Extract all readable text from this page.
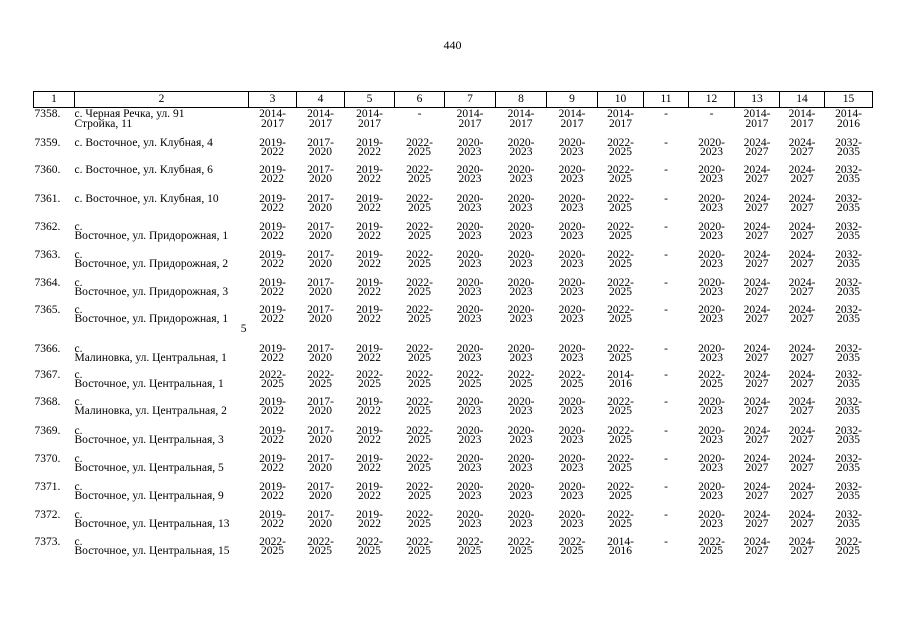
440
1	2	3	4	5	6	7	8	9	10	11	12	13	14	15

7358.	с. Черная Речка, ул. 91
Стройка, 11	2014-
2017	2014-
2017	2014-
2017	-	2014-
2017	2014-
2017	2014-
2017	2014-
2017	-	-	2014-
2017	2014-
2017	2014-
2016

7359.	с. Восточное, ул. Клубная, 4	2019-
2022	2017-
2020	2019-
2022	2022-
2025	2020-
2023	2020-
2023	2020-
2023	2022-
2025	-	2020-
2023	2024-
2027	2024-
2027	2032-
2035

7360.	с. Восточное, ул. Клубная, 6	2019-
2022	2017-
2020	2019-
2022	2022-
2025	2020-
2023	2020-
2023	2020-
2023	2022-
2025	-	2020-
2023	2024-
2027	2024-
2027	2032-
2035

7361.	с. Восточное, ул. Клубная, 10	2019-
2022	2017-
2020	2019-
2022	2022-
2025	2020-
2023	2020-
2023	2020-
2023	2022-
2025	-	2020-
2023	2024-
2027	2024-
2027	2032-
2035

7362.	с.
Восточное, ул. Придорожная, 1	2019-
2022	2017-
2020	2019-
2022	2022-
2025	2020-
2023	2020-
2023	2020-
2023	2022-
2025	-	2020-
2023	2024-
2027	2024-
2027	2032-
2035

7363.	с.
Восточное, ул. Придорожная, 2	2019-
2022	2017-
2020	2019-
2022	2022-
2025	2020-
2023	2020-
2023	2020-
2023	2022-
2025	-	2020-
2023	2024-
2027	2024-
2027	2032-
2035

7364.	с.
Восточное, ул. Придорожная, 3	2019-
2022	2017-
2020	2019-
2022	2022-
2025	2020-
2023	2020-
2023	2020-
2023	2022-
2025	-	2020-
2023	2024-
2027	2024-
2027	2032-
2035

7365.	с.
Восточное, ул. Придорожная, 1
5	2019-
2022	2017-
2020	2019-
2022	2022-
2025	2020-
2023	2020-
2023	2020-
2023	2022-
2025	-	2020-
2023	2024-
2027	2024-
2027	2032-
2035

7366.	с.
Малиновка, ул. Центральная, 1	2019-
2022	2017-
2020	2019-
2022	2022-
2025	2020-
2023	2020-
2023	2020-
2023	2022-
2025	-	2020-
2023	2024-
2027	2024-
2027	2032-
2035

7367.	с.
Восточное, ул. Центральная, 1	2022-
2025	2022-
2025	2022-
2025	2022-
2025	2022-
2025	2022-
2025	2022-
2025	2014-
2016	-	2022-
2025	2024-
2027	2024-
2027	2032-
2035

7368.	с.
Малиновка, ул. Центральная, 2	2019-
2022	2017-
2020	2019-
2022	2022-
2025	2020-
2023	2020-
2023	2020-
2023	2022-
2025	-	2020-
2023	2024-
2027	2024-
2027	2032-
2035

7369.	с.
Восточное, ул. Центральная, 3	2019-
2022	2017-
2020	2019-
2022	2022-
2025	2020-
2023	2020-
2023	2020-
2023	2022-
2025	-	2020-
2023	2024-
2027	2024-
2027	2032-
2035

7370.	с.
Восточное, ул. Центральная, 5	2019-
2022	2017-
2020	2019-
2022	2022-
2025	2020-
2023	2020-
2023	2020-
2023	2022-
2025	-	2020-
2023	2024-
2027	2024-
2027	2032-
2035

7371.	с.
Восточное, ул. Центральная, 9	2019-
2022	2017-
2020	2019-
2022	2022-
2025	2020-
2023	2020-
2023	2020-
2023	2022-
2025	-	2020-
2023	2024-
2027	2024-
2027	2032-
2035

7372.	с.
Восточное, ул. Центральная, 13	2019-
2022	2017-
2020	2019-
2022	2022-
2025	2020-
2023	2020-
2023	2020-
2023	2022-
2025	-	2020-
2023	2024-
2027	2024-
2027	2032-
2035

7373.	с.
Восточное, ул. Центральная, 15	2022-
2025	2022-
2025	2022-
2025	2022-
2025	2022-
2025	2022-
2025	2022-
2025	2014-
2016	-	2022-
2025	2024-
2027	2024-
2027	2022-
2025
